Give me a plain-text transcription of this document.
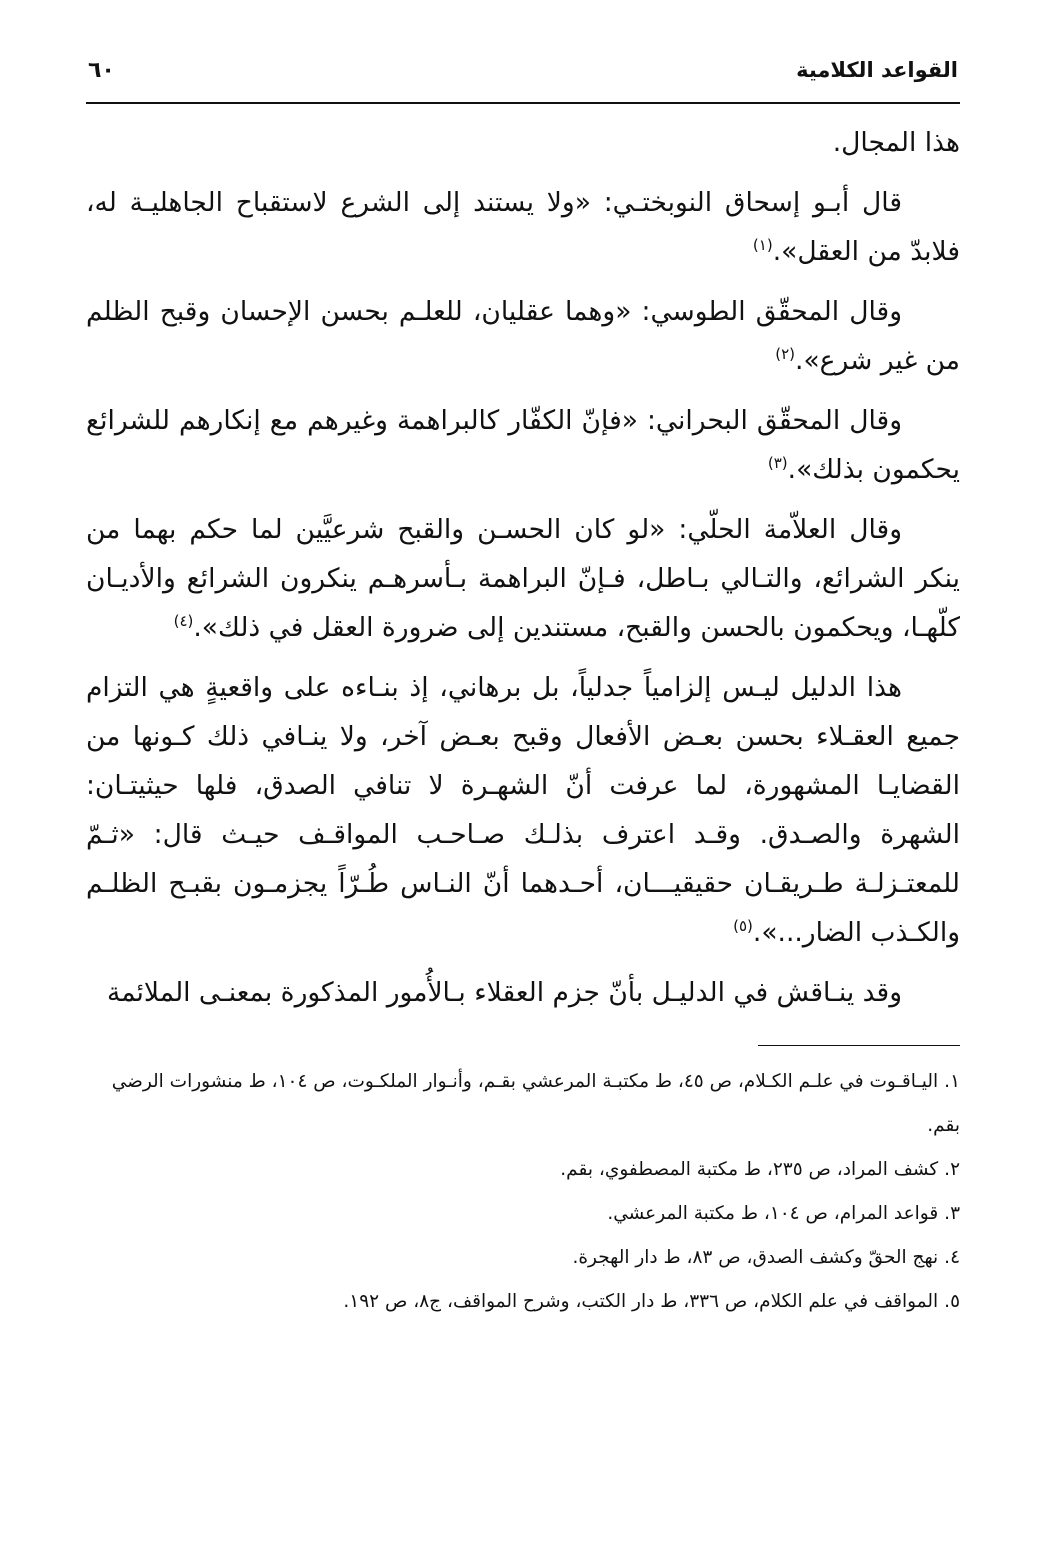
القواعد الكلامية
٦٠

هذا المجال.

قال أبـو إسحاق النوبختـي: «ولا يستند إلى الشرع لاستقباح الجاهليـة له، فلابدّ من العقل».$^{(١)}$

وقال المحقّق الطوسي: «وهما عقليان، للعلـم بحسن الإحسان وقبح الظلم من غير شرع».$^{(٢)}$

وقال المحقّق البحراني: «فإنّ الكفّار كالبراهمة وغيرهم مع إنكارهم للشرائع يحكمون بذلك».$^{(٣)}$

وقال العلاّمة الحلّي: «لو كان الحسـن والقبح شرعيَّين لما حكم بهما من ينكر الشرائع، والتـالي بـاطل، فـإنّ البراهمة بـأسرهـم ينكرون الشرائع والأديـان كلّهـا، ويحكمون بالحسن والقبح، مستندين إلى ضرورة العقل في ذلك».$^{(٤)}$

هذا الدليل ليـس إلزامياً جدلياً، بل برهاني، إذ بنـاءه على واقعيةٍ هي التزام جميع العقـلاء بحسن بعـض الأفعال وقبح بعـض آخر، ولا ينـافي ذلك كـونها من القضايـا المشهورة، لما عرفت أنّ الشهـرة لا تنافي الصدق، فلها حيثيتـان: الشهرة والصـدق. وقـد اعترف بذلـك صـاحـب المواقـف حيـث قال: «ثـمّ للمعتـزلـة طـريقـان حقيقيـــان، أحـدهما أنّ النـاس طُـرّاً يجزمـون بقبـح الظلـم والكـذب الضار...».$^{(٥)}$

وقد ينـاقش في الدليـل بأنّ جزم العقلاء بـالأُمور المذكورة بمعنـى الملائمة

١.اليـاقـوت في علـم الكـلام، ص ٤٥، ط مكتبـة المرعشي بقـم، وأنـوار الملكـوت، ص ١٠٤، ط منشورات الرضي بقم.

٢.كشف المراد، ص ٢٣٥، ط مكتبة المصطفوي، بقم.

٣.قواعد المرام، ص ١٠٤، ط مكتبة المرعشي.

٤.نهج الحقّ وكشف الصدق، ص ٨٣، ط دار الهجرة.

٥.المواقف في علم الكلام، ص ٣٣٦، ط دار الكتب، وشرح المواقف، ج٨، ص ١٩٢.
